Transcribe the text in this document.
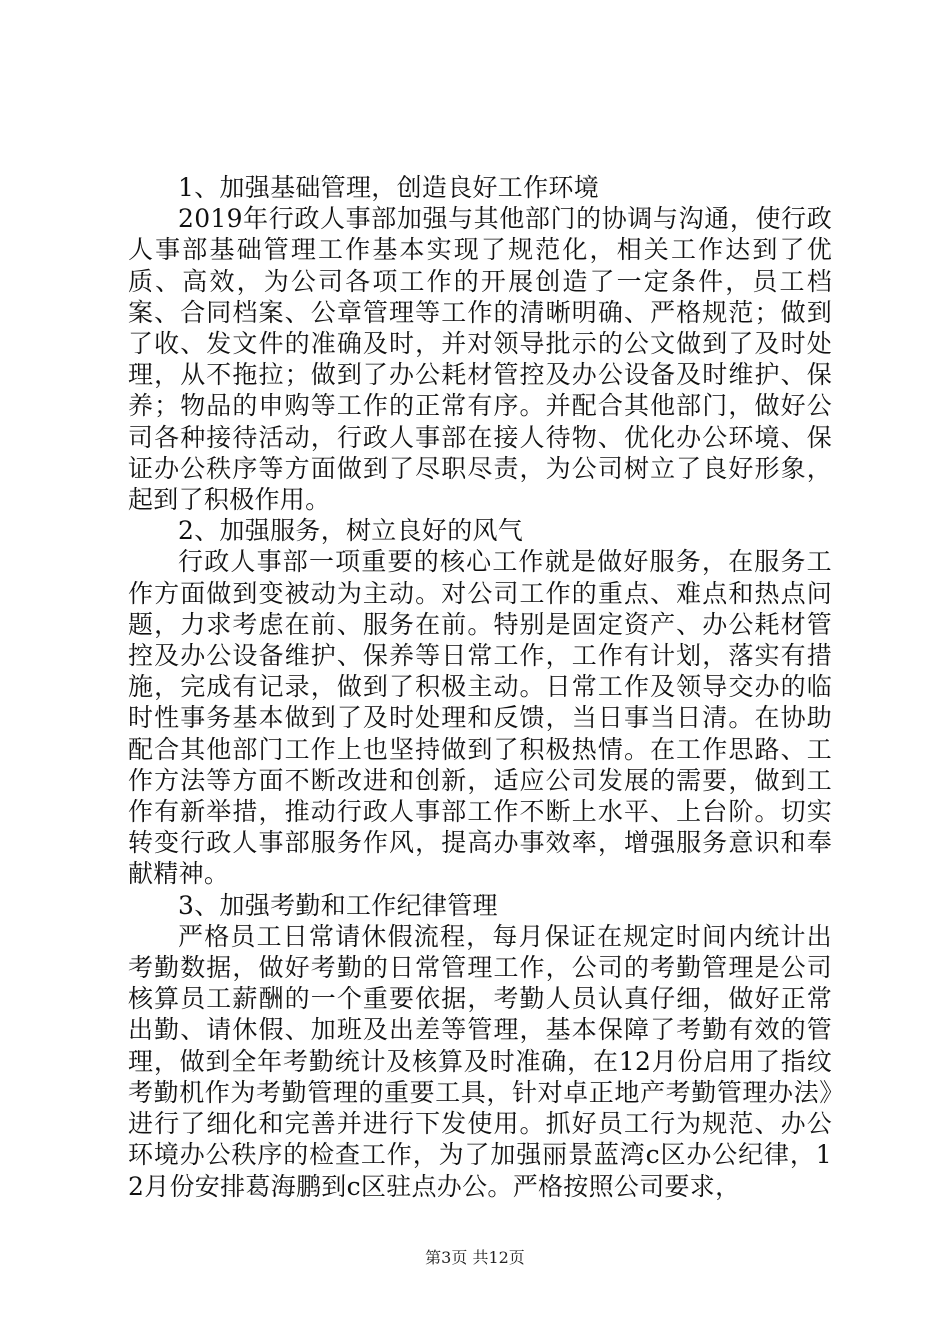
1、加强基础管理，创造良好工作环境

2019年行政人事部加强与其他部门的协调与沟通，使行政人事部基础管理工作基本实现了规范化，相关工作达到了优质、高效，为公司各项工作的开展创造了一定条件，员工档案、合同档案、公章管理等工作的清晰明确、严格规范；做到了收、发文件的准确及时，并对领导批示的公文做到了及时处理，从不拖拉；做到了办公耗材管控及办公设备及时维护、保养；物品的申购等工作的正常有序。并配合其他部门，做好公司各种接待活动，行政人事部在接人待物、优化办公环境、保证办公秩序等方面做到了尽职尽责，为公司树立了良好形象，起到了积极作用。

2、加强服务，树立良好的风气

行政人事部一项重要的核心工作就是做好服务，在服务工作方面做到变被动为主动。对公司工作的重点、难点和热点问题，力求考虑在前、服务在前。特别是固定资产、办公耗材管控及办公设备维护、保养等日常工作，工作有计划，落实有措施，完成有记录，做到了积极主动。日常工作及领导交办的临时性事务基本做到了及时处理和反馈，当日事当日清。在协助配合其他部门工作上也坚持做到了积极热情。在工作思路、工作方法等方面不断改进和创新，适应公司发展的需要，做到工作有新举措，推动行政人事部工作不断上水平、上台阶。切实转变行政人事部服务作风，提高办事效率，增强服务意识和奉献精神。

3、加强考勤和工作纪律管理

严格员工日常请休假流程，每月保证在规定时间内统计出考勤数据，做好考勤的日常管理工作，公司的考勤管理是公司核算员工薪酬的一个重要依据，考勤人员认真仔细，做好正常出勤、请休假、加班及出差等管理，基本保障了考勤有效的管理，做到全年考勤统计及核算及时准确，在12月份启用了指纹考勤机作为考勤管理的重要工具，针对卓正地产考勤管理办法》进行了细化和完善并进行下发使用。抓好员工行为规范、办公环境办公秩序的检查工作，为了加强丽景蓝湾c区办公纪律，12月份安排葛海鹏到c区驻点办公。严格按照公司要求，

第3页 共12页
